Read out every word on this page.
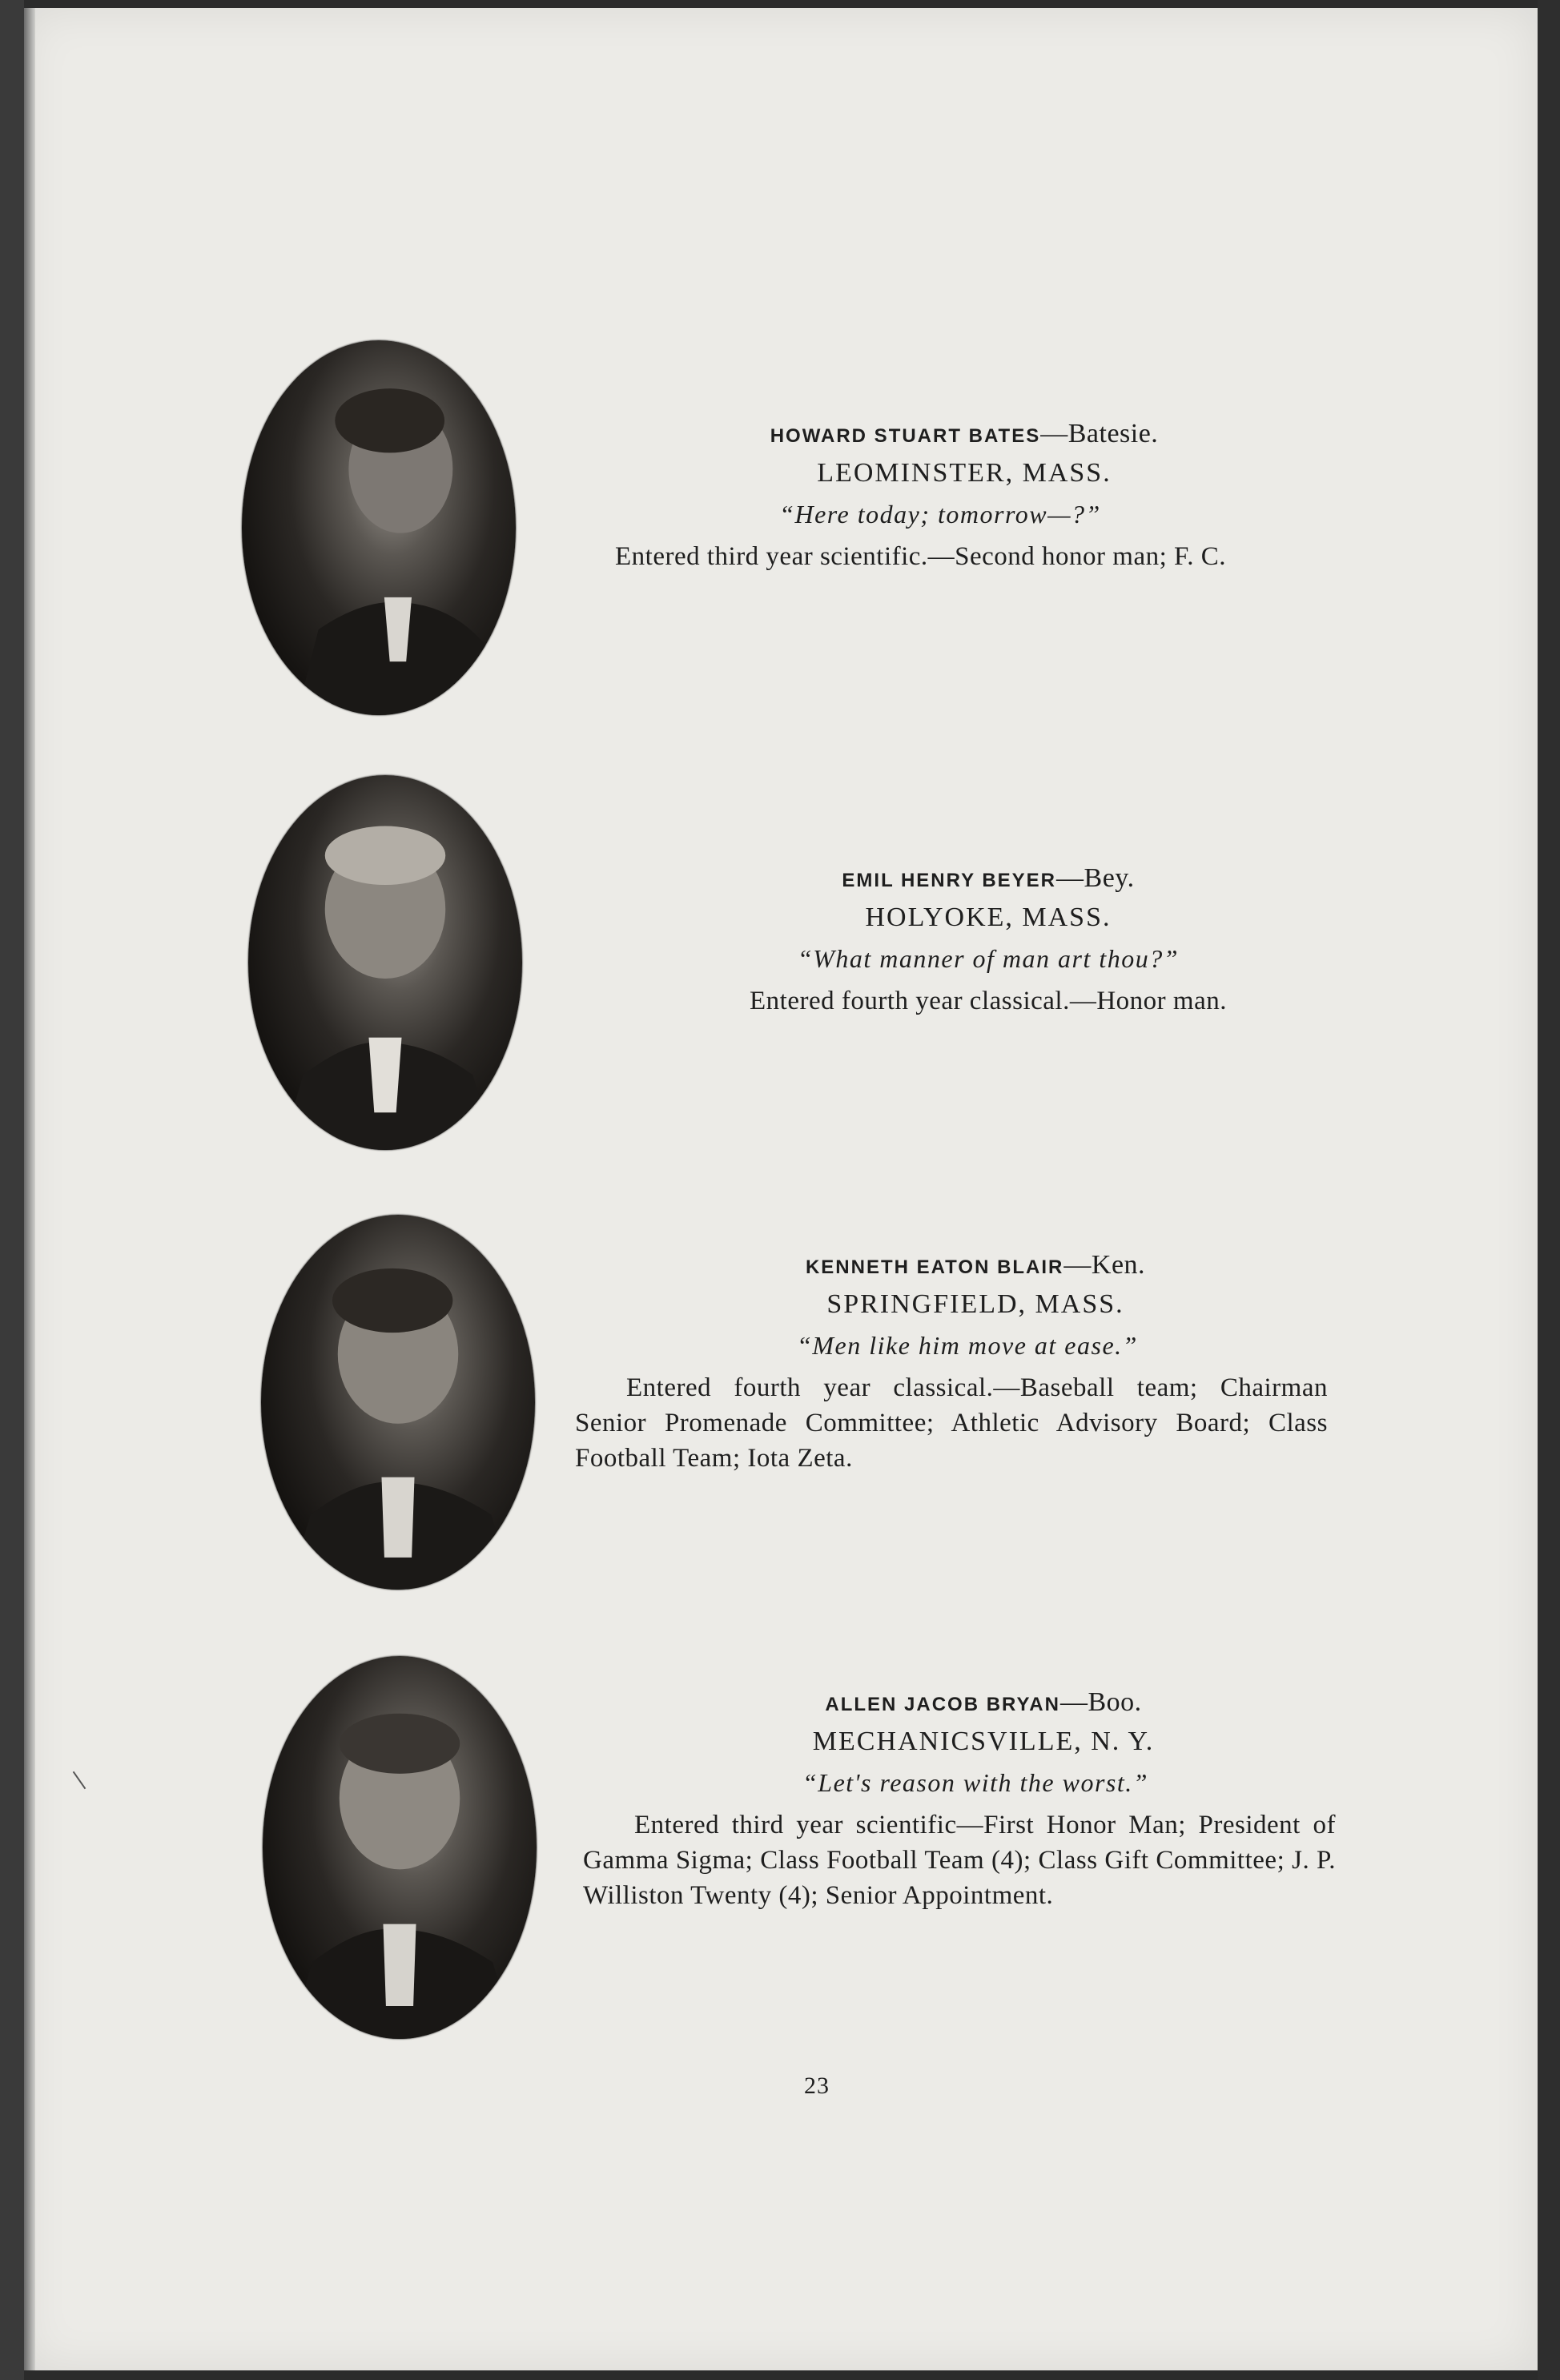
HOWARD STUART BATES—Batesie.
LEOMINSTER, MASS.
“Here today; tomorrow—?”
Entered third year scientific.—Second honor man; F. C.
EMIL HENRY BEYER—Bey.
HOLYOKE, MASS.
“What manner of man art thou?”
Entered fourth year classical.—Honor man.
KENNETH EATON BLAIR—Ken.
SPRINGFIELD, MASS.
“Men like him move at ease.”
Entered fourth year classical.—Baseball team; Chairman Senior Promenade Committee; Athletic Advisory Board; Class Football Team; Iota Zeta.
ALLEN JACOB BRYAN—Boo.
MECHANICSVILLE, N. Y.
“Let's reason with the worst.”
Entered third year scientific—First Honor Man; President of Gamma Sigma; Class Football Team (4); Class Gift Committee; J. P. Williston Twenty (4); Senior Appointment.
23
